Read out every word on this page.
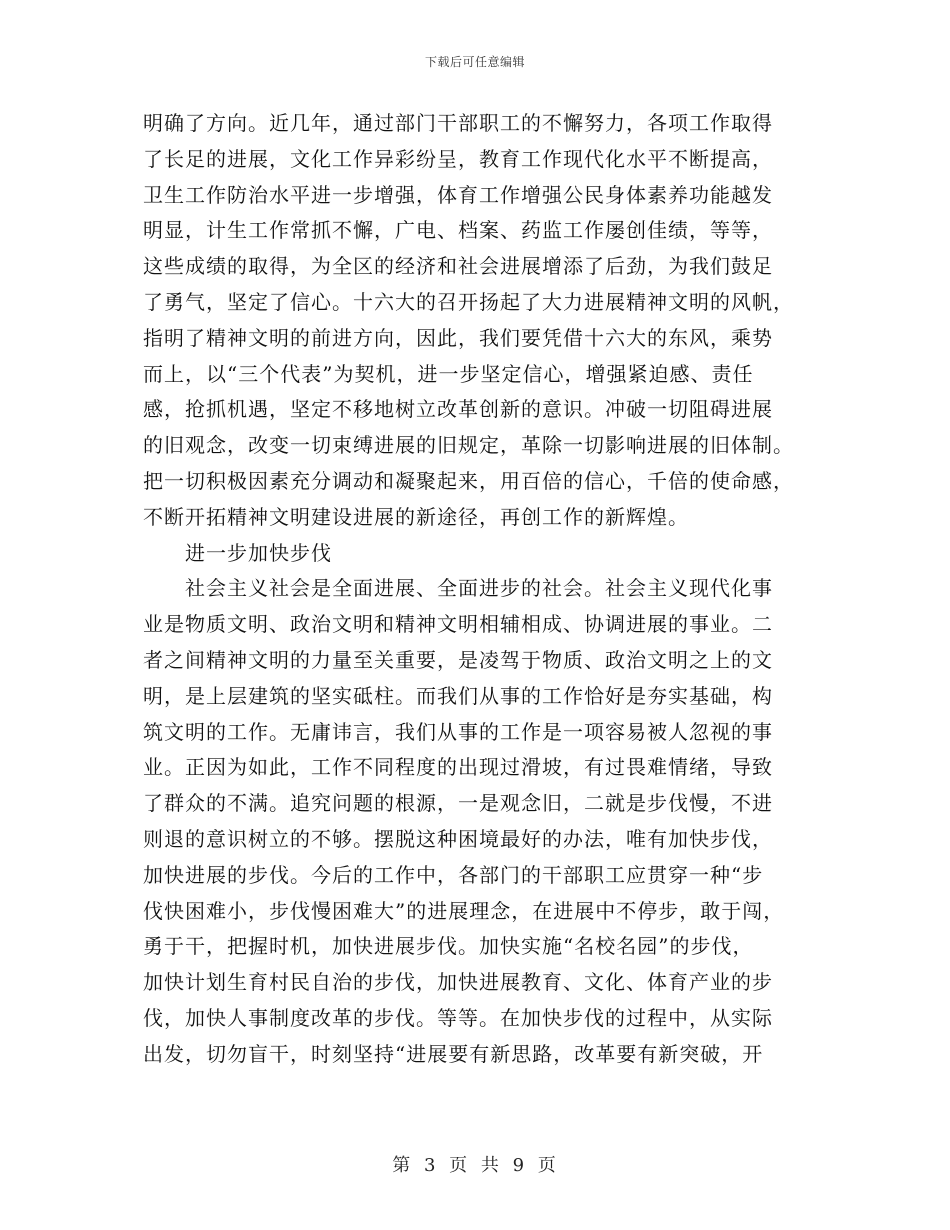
下载后可任意编辑
明确了方向。近几年，通过部门干部职工的不懈努力，各项工作取得
了长足的进展，文化工作异彩纷呈，教育工作现代化水平不断提高，
卫生工作防治水平进一步增强，体育工作增强公民身体素养功能越发
明显，计生工作常抓不懈，广电、档案、药监工作屡创佳绩，等等，
这些成绩的取得，为全区的经济和社会进展增添了后劲，为我们鼓足
了勇气，坚定了信心。十六大的召开扬起了大力进展精神文明的风帆，
指明了精神文明的前进方向，因此，我们要凭借十六大的东风，乘势
而上，以“三个代表”为契机，进一步坚定信心，增强紧迫感、责任
感，抢抓机遇，坚定不移地树立改革创新的意识。冲破一切阻碍进展
的旧观念，改变一切束缚进展的旧规定，革除一切影响进展的旧体制。
把一切积极因素充分调动和凝聚起来，用百倍的信心，千倍的使命感，
不断开拓精神文明建设进展的新途径，再创工作的新辉煌。
　　进一步加快步伐
　　社会主义社会是全面进展、全面进步的社会。社会主义现代化事
业是物质文明、政治文明和精神文明相辅相成、协调进展的事业。二
者之间精神文明的力量至关重要，是凌驾于物质、政治文明之上的文
明，是上层建筑的坚实砥柱。而我们从事的工作恰好是夯实基础，构
筑文明的工作。无庸讳言，我们从事的工作是一项容易被人忽视的事
业。正因为如此，工作不同程度的出现过滑坡，有过畏难情绪，导致
了群众的不满。追究问题的根源，一是观念旧，二就是步伐慢，不进
则退的意识树立的不够。摆脱这种困境最好的办法，唯有加快步伐，
加快进展的步伐。今后的工作中，各部门的干部职工应贯穿一种“步
伐快困难小，步伐慢困难大”的进展理念，在进展中不停步，敢于闯，
勇于干，把握时机，加快进展步伐。加快实施“名校名园”的步伐，
加快计划生育村民自治的步伐，加快进展教育、文化、体育产业的步
伐，加快人事制度改革的步伐。等等。在加快步伐的过程中，从实际
出发，切勿盲干，时刻坚持“进展要有新思路，改革要有新突破，开
第 3 页 共 9 页
